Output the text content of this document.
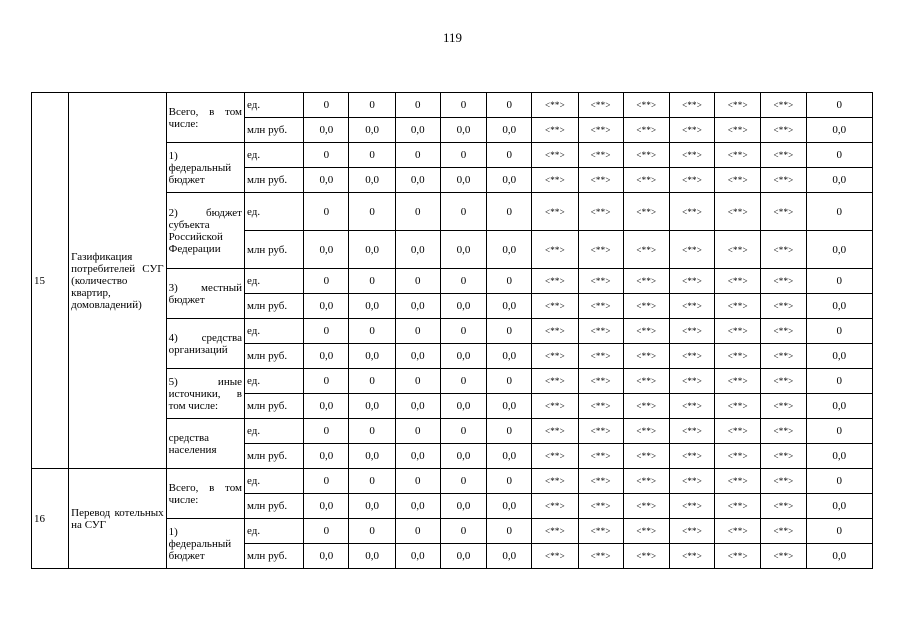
119
15	Газификация потребителей СУГ (количество квартир, домовладений)	Всего, в том числе:	ед.	0	0	0	0	0	<**>	<**>	<**>	<**>	<**>	<**>	0
			млн руб.	0,0	0,0	0,0	0,0	0,0	<**>	<**>	<**>	<**>	<**>	<**>	0,0
		1) федеральный бюджет	ед.	0	0	0	0	0	<**>	<**>	<**>	<**>	<**>	<**>	0
			млн руб.	0,0	0,0	0,0	0,0	0,0	<**>	<**>	<**>	<**>	<**>	<**>	0,0
		2) бюджет субъекта Российской Федерации	ед.	0	0	0	0	0	<**>	<**>	<**>	<**>	<**>	<**>	0
			млн руб.	0,0	0,0	0,0	0,0	0,0	<**>	<**>	<**>	<**>	<**>	<**>	0,0
		3) местный бюджет	ед.	0	0	0	0	0	<**>	<**>	<**>	<**>	<**>	<**>	0
			млн руб.	0,0	0,0	0,0	0,0	0,0	<**>	<**>	<**>	<**>	<**>	<**>	0,0
		4) средства организаций	ед.	0	0	0	0	0	<**>	<**>	<**>	<**>	<**>	<**>	0
			млн руб.	0,0	0,0	0,0	0,0	0,0	<**>	<**>	<**>	<**>	<**>	<**>	0,0
		5) иные источники, в том числе:	ед.	0	0	0	0	0	<**>	<**>	<**>	<**>	<**>	<**>	0
			млн руб.	0,0	0,0	0,0	0,0	0,0	<**>	<**>	<**>	<**>	<**>	<**>	0,0
		средства населения	ед.	0	0	0	0	0	<**>	<**>	<**>	<**>	<**>	<**>	0
			млн руб.	0,0	0,0	0,0	0,0	0,0	<**>	<**>	<**>	<**>	<**>	<**>	0,0
16	Перевод котельных на СУГ	Всего, в том числе:	ед.	0	0	0	0	0	<**>	<**>	<**>	<**>	<**>	<**>	0
			млн руб.	0,0	0,0	0,0	0,0	0,0	<**>	<**>	<**>	<**>	<**>	<**>	0,0
		1) федеральный бюджет	ед.	0	0	0	0	0	<**>	<**>	<**>	<**>	<**>	<**>	0
			млн руб.	0,0	0,0	0,0	0,0	0,0	<**>	<**>	<**>	<**>	<**>	<**>	0,0
